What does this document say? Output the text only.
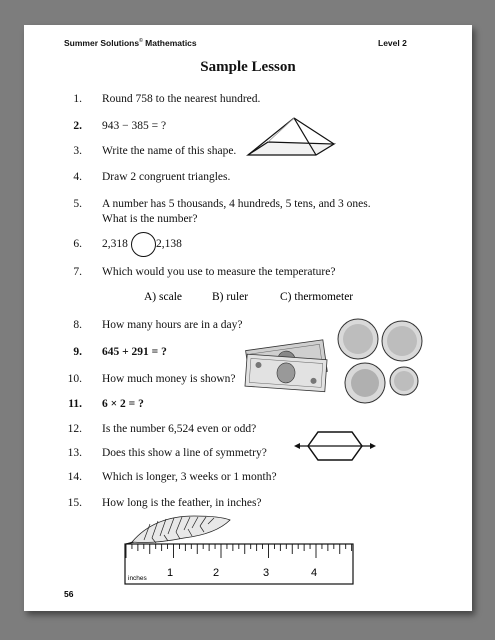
Summer Solutions© Mathematics	Level 2
Sample Lesson
1. Round 758 to the nearest hundred.
2. 943 − 385 = ?
3. Write the name of this shape.
4. Draw 2 congruent triangles.
5. A number has 5 thousands, 4 hundreds, 5 tens, and 3 ones.
What is the number?
6. 2,318	2,138
7. Which would you use to measure the temperature?
A) scale	B) ruler	C) thermometer
8. How many hours are in a day?
9. 645 + 291 = ?
10. How much money is shown?
11. 6 × 2 = ?
12. Is the number 6,524 even or odd?
13. Does this show a line of symmetry?
14. Which is longer, 3 weeks or 1 month?
15. How long is the feather, in inches?
inches 1	2	3	4
56
